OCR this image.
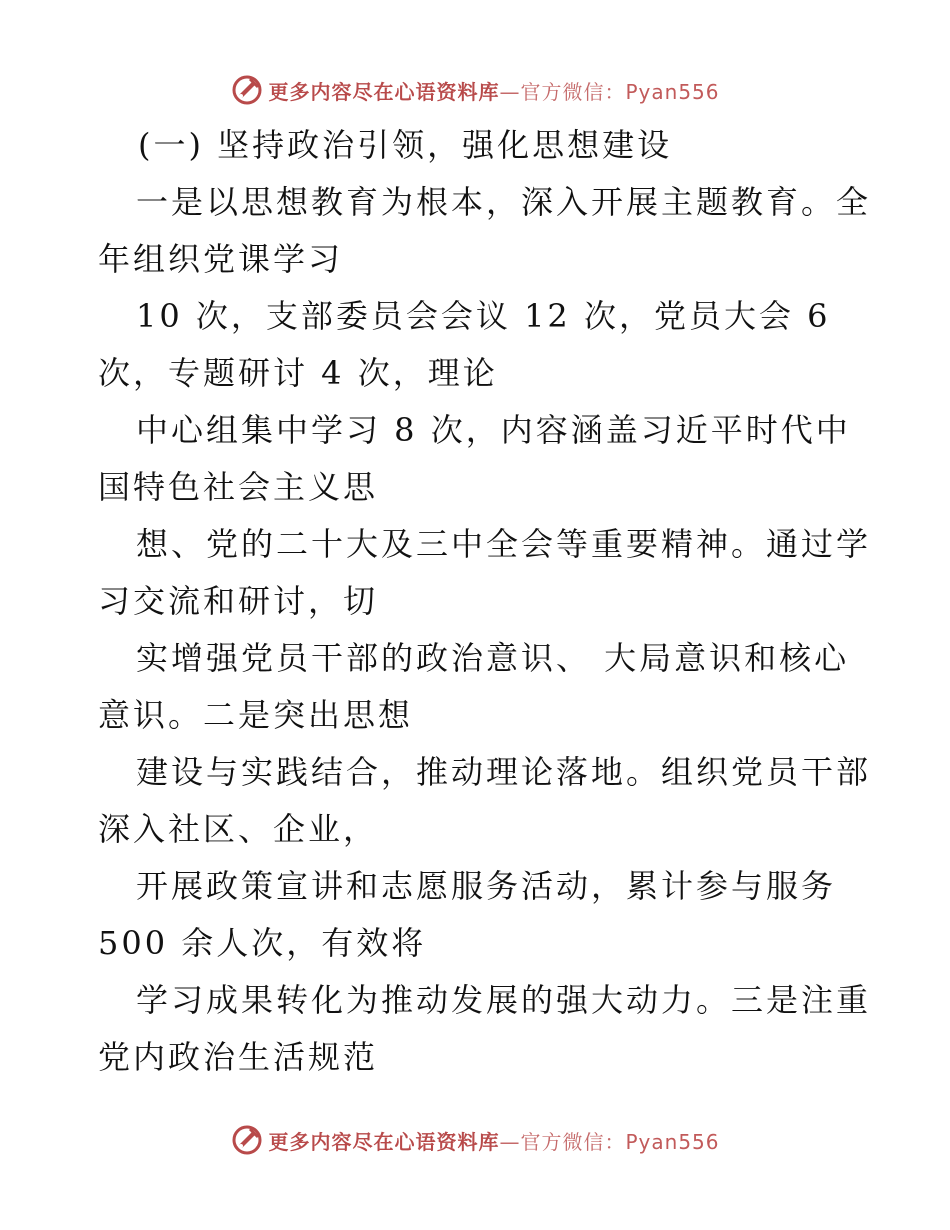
更多内容尽在心语资料库—官方微信：Pyan556
(一) 坚持政治引领，强化思想建设
一是以思想教育为根本，深入开展主题教育。全
年组织党课学习
10 次，支部委员会会议 12 次，党员大会 6
次，专题研讨 4 次，理论
中心组集中学习 8 次，内容涵盖习近平时代中
国特色社会主义思
想、党的二十大及三中全会等重要精神。通过学
习交流和研讨，切
实增强党员干部的政治意识、 大局意识和核心
意识。二是突出思想
建设与实践结合，推动理论落地。组织党员干部
深入社区、企业，
开展政策宣讲和志愿服务活动，累计参与服务
500 余人次，有效将
学习成果转化为推动发展的强大动力。三是注重
党内政治生活规范
更多内容尽在心语资料库—官方微信：Pyan556
